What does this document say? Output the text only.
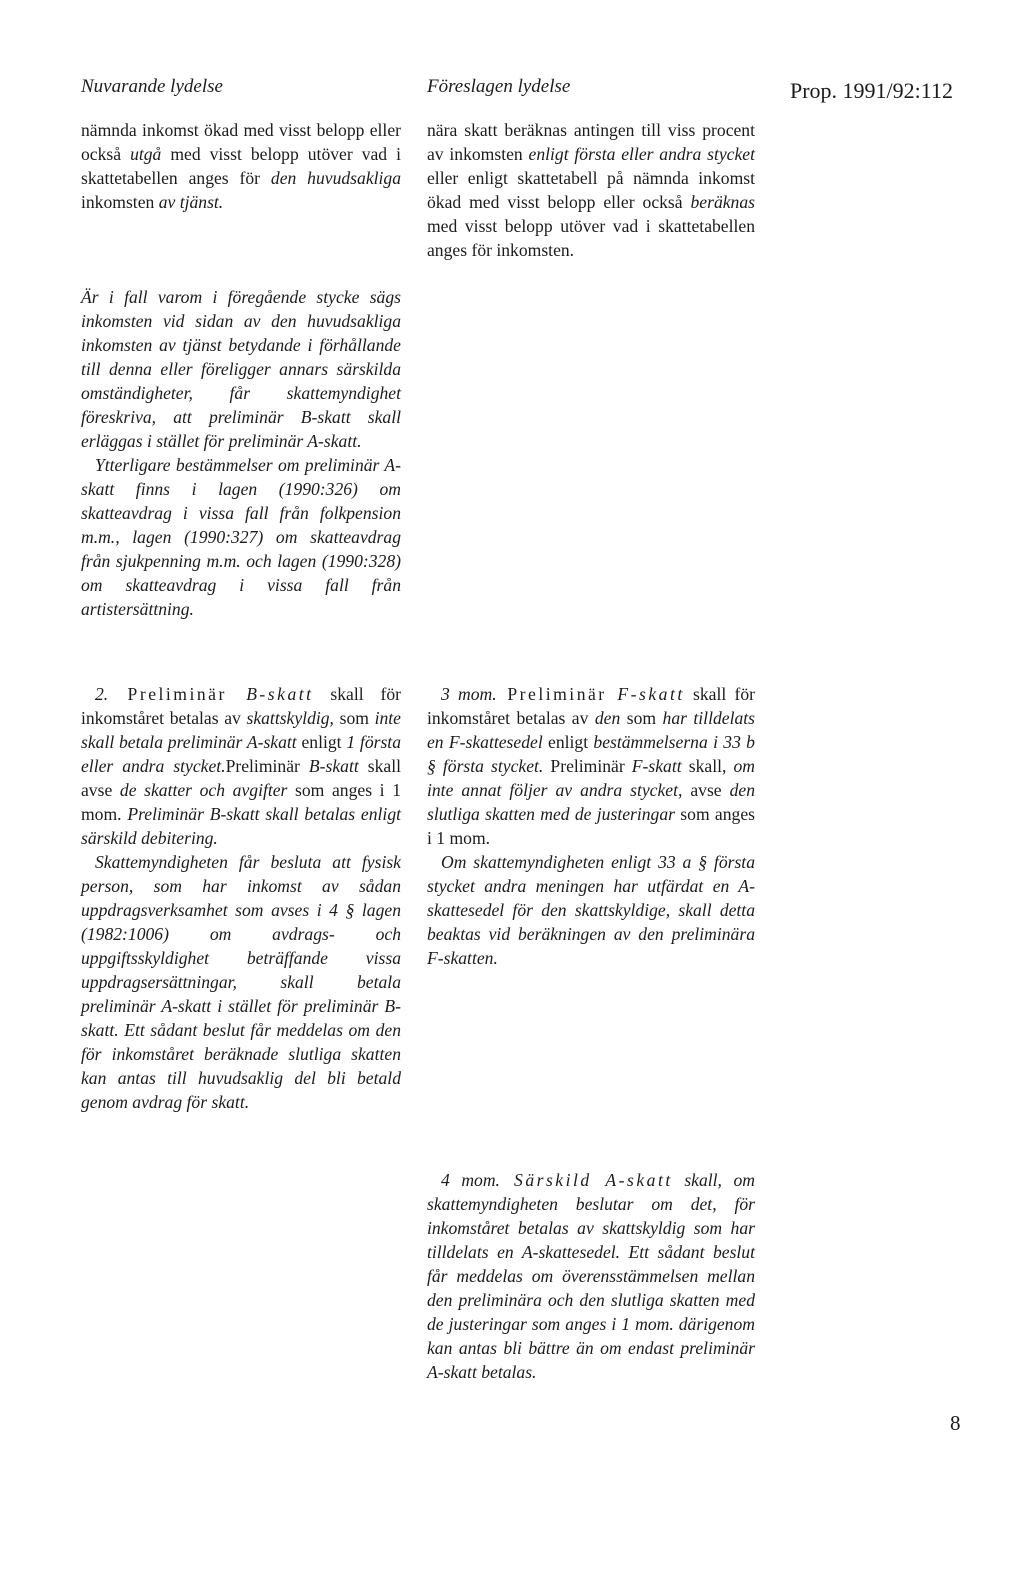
Nuvarande lydelse	Föreslagen lydelse	Prop. 1991/92:112

nämnda inkomst ökad med visst belopp eller också utgå med visst belopp utöver vad i skattetabellen anges för den huvudsakliga inkomsten av tjänst.

Är i fall varom i föregående stycke sägs inkomsten vid sidan av den huvudsakliga inkomsten av tjänst betydande i förhållande till denna eller föreligger annars särskilda omständigheter, får skattemyndighet föreskriva, att preliminär B-skatt skall erläggas i stället för preliminär A-skatt.

Ytterligare bestämmelser om preliminär A-skatt finns i lagen (1990:326) om skatteavdrag i vissa fall från folkpension m.m., lagen (1990:327) om skatteavdrag från sjukpenning m.m. och lagen (1990:328) om skatteavdrag i vissa fall från artistersättning.

2. Preliminär B-skatt skall för inkomståret betalas av skattskyldig, som inte skall betala preliminär A-skatt enligt 1 första eller andra stycket.Preliminär B-skatt skall avse de skatter och avgifter som anges i 1 mom. Preliminär B-skatt skall betalas enligt särskild debitering.

Skattemyndigheten får besluta att fysisk person, som har inkomst av sådan uppdragsverksamhet som avses i 4 § lagen (1982:1006) om avdrags- och uppgiftsskyldighet beträffande vissa uppdragsersättningar, skall betala preliminär A-skatt i stället för preliminär B-skatt. Ett sådant beslut får meddelas om den för inkomståret beräknade slutliga skatten kan antas till huvudsaklig del bli betald genom avdrag för skatt.

nära skatt beräknas antingen till viss procent av inkomsten enligt första eller andra stycket eller enligt skattetabell på nämnda inkomst ökad med visst belopp eller också beräknas med visst belopp utöver vad i skattetabellen anges för inkomsten.

3 mom. Preliminär F-skatt skall för inkomståret betalas av den som har tilldelats en F-skattesedel enligt bestämmelserna i 33 b § första stycket. Preliminär F-skatt skall, om inte annat följer av andra stycket, avse den slutliga skatten med de justeringar som anges i 1 mom.

Om skattemyndigheten enligt 33 a § första stycket andra meningen har utfärdat en A-skattesedel för den skattskyldige, skall detta beaktas vid beräkningen av den preliminära F-skatten.

4 mom. Särskild A-skatt skall, om skattemyndigheten beslutar om det, för inkomståret betalas av skattskyldig som har tilldelats en A-skattesedel. Ett sådant beslut får meddelas om överensstämmelsen mellan den preliminära och den slutliga skatten med de justeringar som anges i 1 mom. därigenom kan antas bli bättre än om endast preliminär A-skatt betalas.

8
